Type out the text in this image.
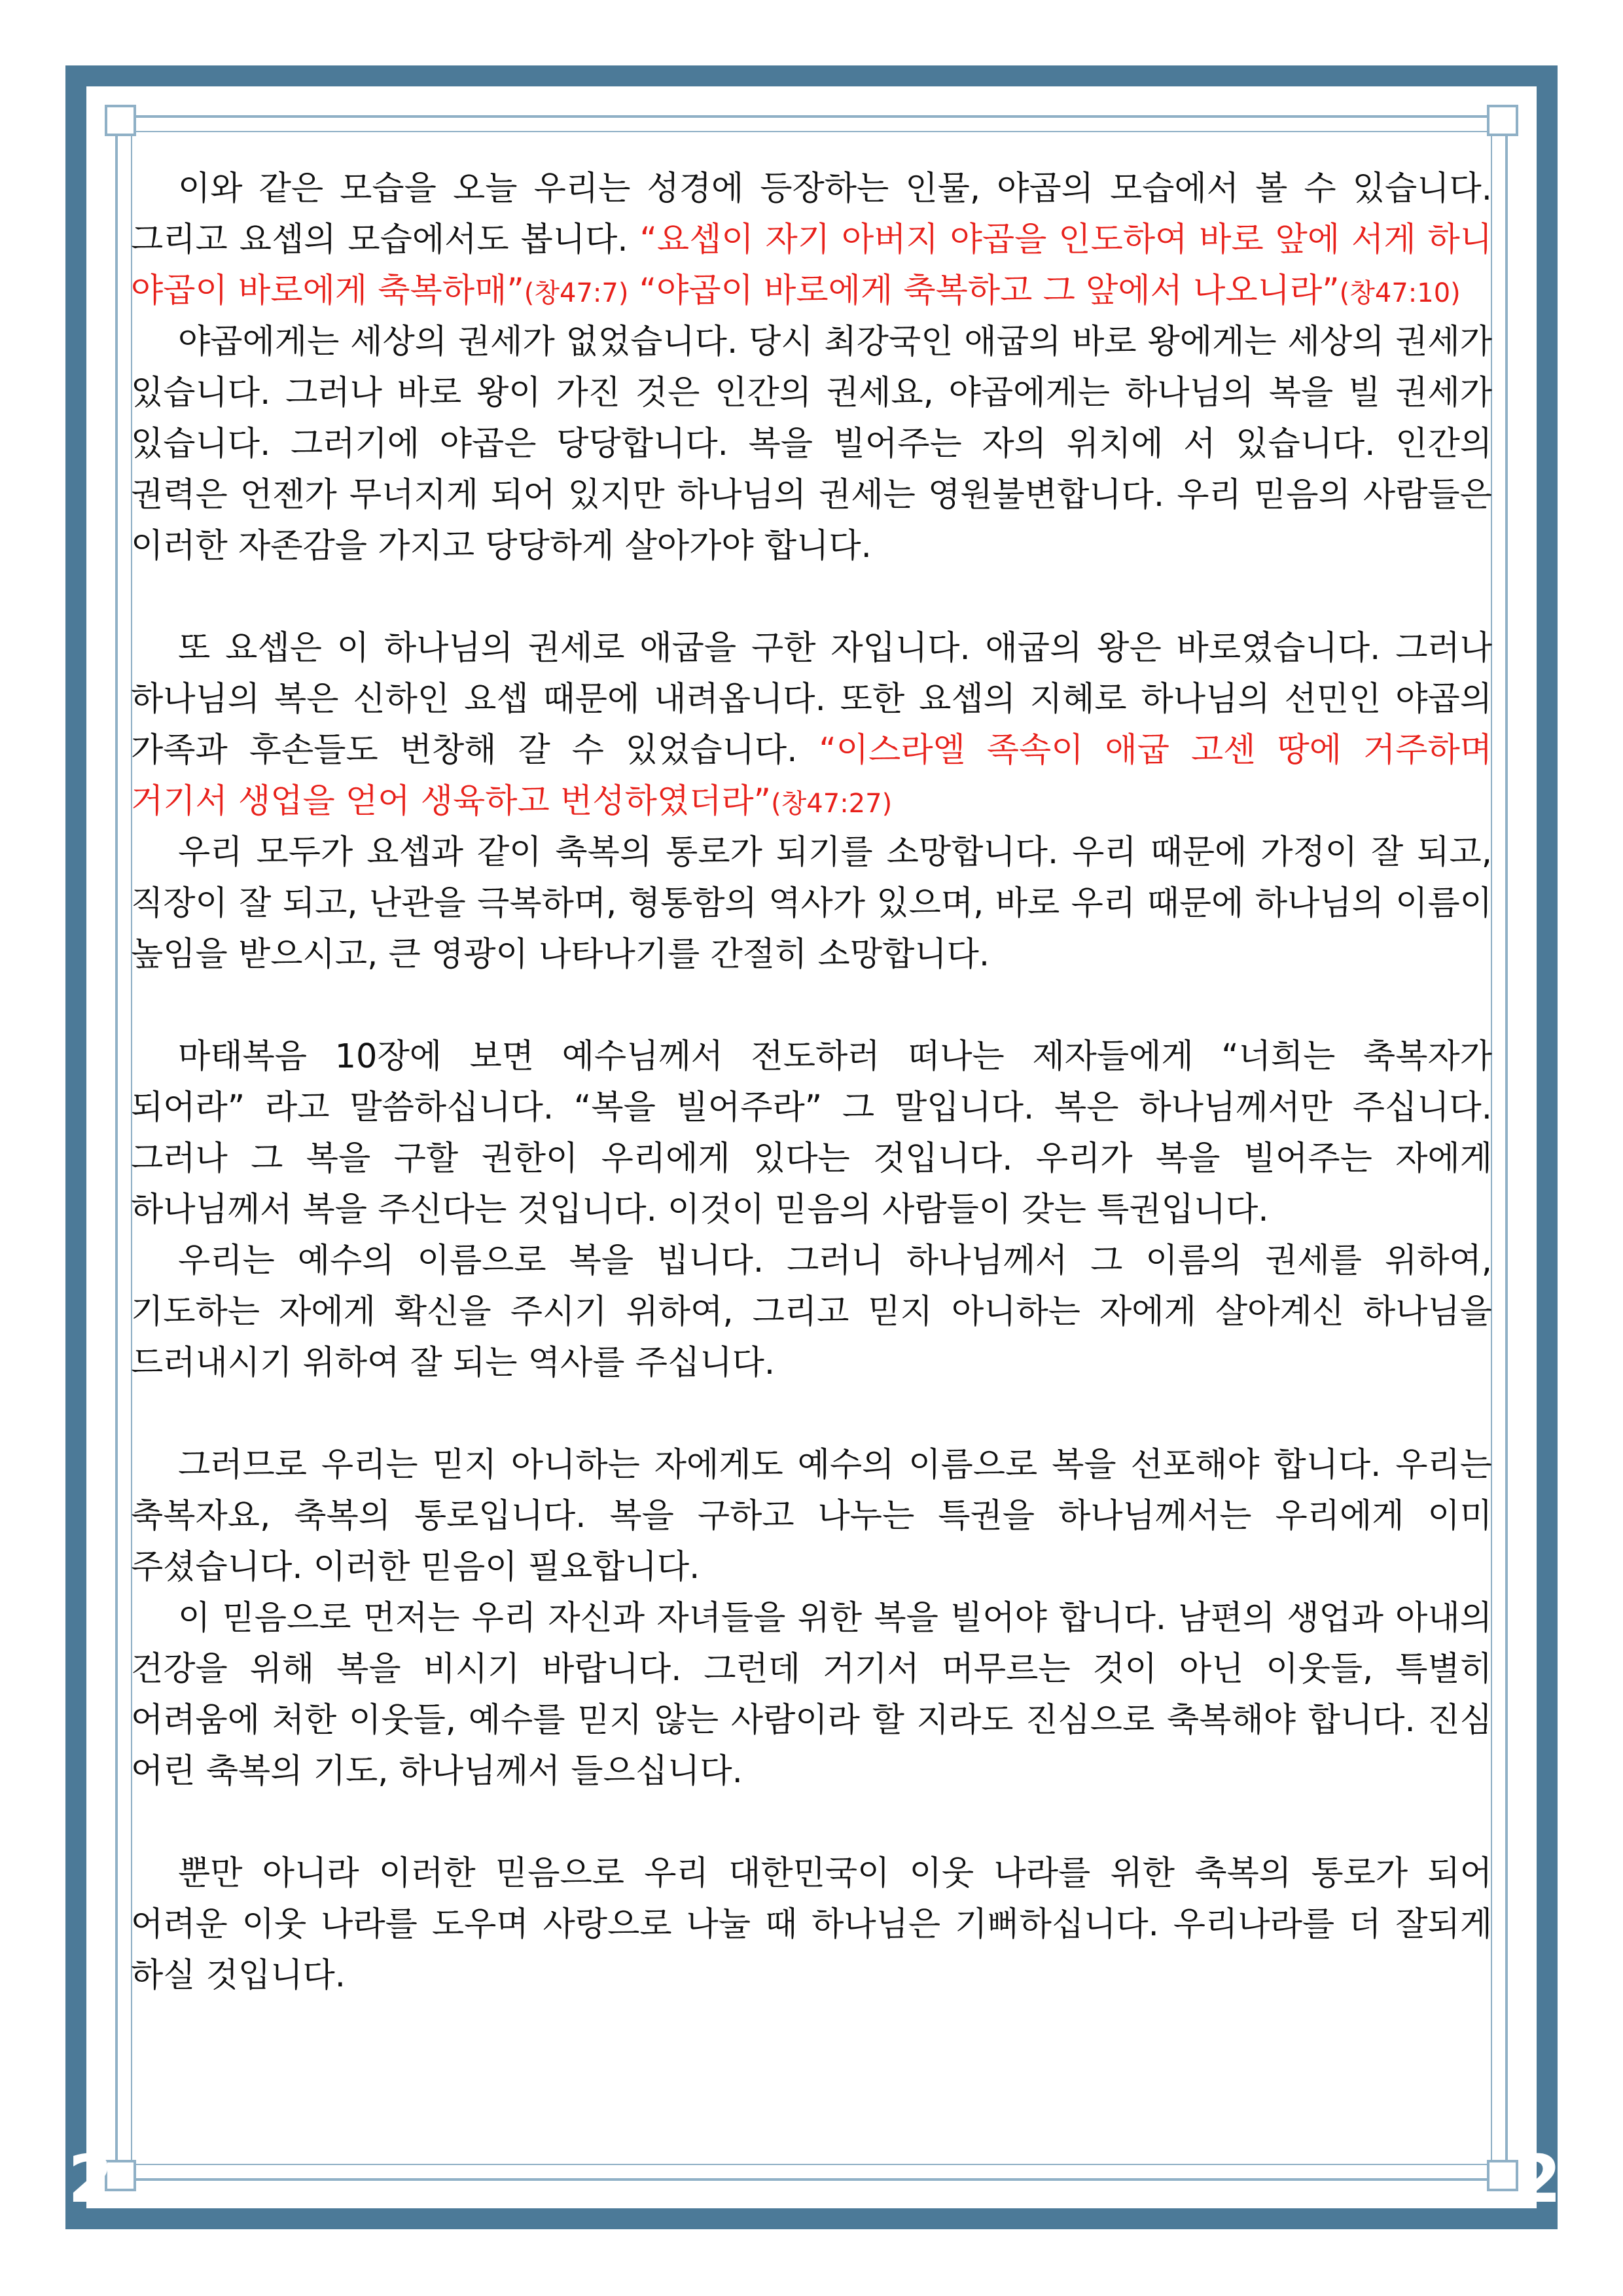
2	2
이와 같은 모습을 오늘 우리는 성경에 등장하는 인물, 야곱의 모습에서 볼 수 있습니다.
그리고 요셉의 모습에서도 봅니다. “요셉이 자기 아버지 야곱을 인도하여 바로 앞에 서게 하니
야곱이 바로에게 축복하매”(창47:7) “야곱이 바로에게 축복하고 그 앞에서 나오니라”(창47:10)
야곱에게는 세상의 권세가 없었습니다. 당시 최강국인 애굽의 바로 왕에게는 세상의 권세가
있습니다. 그러나 바로 왕이 가진 것은 인간의 권세요, 야곱에게는 하나님의 복을 빌 권세가
있습니다. 그러기에 야곱은 당당합니다. 복을 빌어주는 자의 위치에 서 있습니다. 인간의
권력은 언젠가 무너지게 되어 있지만 하나님의 권세는 영원불변합니다. 우리 믿음의 사람들은
이러한 자존감을 가지고 당당하게 살아가야 합니다.
또 요셉은 이 하나님의 권세로 애굽을 구한 자입니다. 애굽의 왕은 바로였습니다. 그러나
하나님의 복은 신하인 요셉 때문에 내려옵니다. 또한 요셉의 지혜로 하나님의 선민인 야곱의
가족과 후손들도 번창해 갈 수 있었습니다. “이스라엘 족속이 애굽 고센 땅에 거주하며
거기서 생업을 얻어 생육하고 번성하였더라”(창47:27)
우리 모두가 요셉과 같이 축복의 통로가 되기를 소망합니다. 우리 때문에 가정이 잘 되고,
직장이 잘 되고, 난관을 극복하며, 형통함의 역사가 있으며, 바로 우리 때문에 하나님의 이름이
높임을 받으시고, 큰 영광이 나타나기를 간절히 소망합니다.
마태복음 10장에 보면 예수님께서 전도하러 떠나는 제자들에게 “너희는 축복자가
되어라” 라고 말씀하십니다. “복을 빌어주라” 그 말입니다. 복은 하나님께서만 주십니다.
그러나 그 복을 구할 권한이 우리에게 있다는 것입니다. 우리가 복을 빌어주는 자에게
하나님께서 복을 주신다는 것입니다. 이것이 믿음의 사람들이 갖는 특권입니다.
우리는 예수의 이름으로 복을 빕니다. 그러니 하나님께서 그 이름의 권세를 위하여,
기도하는 자에게 확신을 주시기 위하여, 그리고 믿지 아니하는 자에게 살아계신 하나님을
드러내시기 위하여 잘 되는 역사를 주십니다.
그러므로 우리는 믿지 아니하는 자에게도 예수의 이름으로 복을 선포해야 합니다. 우리는
축복자요, 축복의 통로입니다. 복을 구하고 나누는 특권을 하나님께서는 우리에게 이미
주셨습니다. 이러한 믿음이 필요합니다.
이 믿음으로 먼저는 우리 자신과 자녀들을 위한 복을 빌어야 합니다. 남편의 생업과 아내의
건강을 위해 복을 비시기 바랍니다. 그런데 거기서 머무르는 것이 아닌 이웃들, 특별히
어려움에 처한 이웃들, 예수를 믿지 않는 사람이라 할 지라도 진심으로 축복해야 합니다. 진심
어린 축복의 기도, 하나님께서 들으십니다.
뿐만 아니라 이러한 믿음으로 우리 대한민국이 이웃 나라를 위한 축복의 통로가 되어
어려운 이웃 나라를 도우며 사랑으로 나눌 때 하나님은 기뻐하십니다. 우리나라를 더 잘되게
하실 것입니다.
